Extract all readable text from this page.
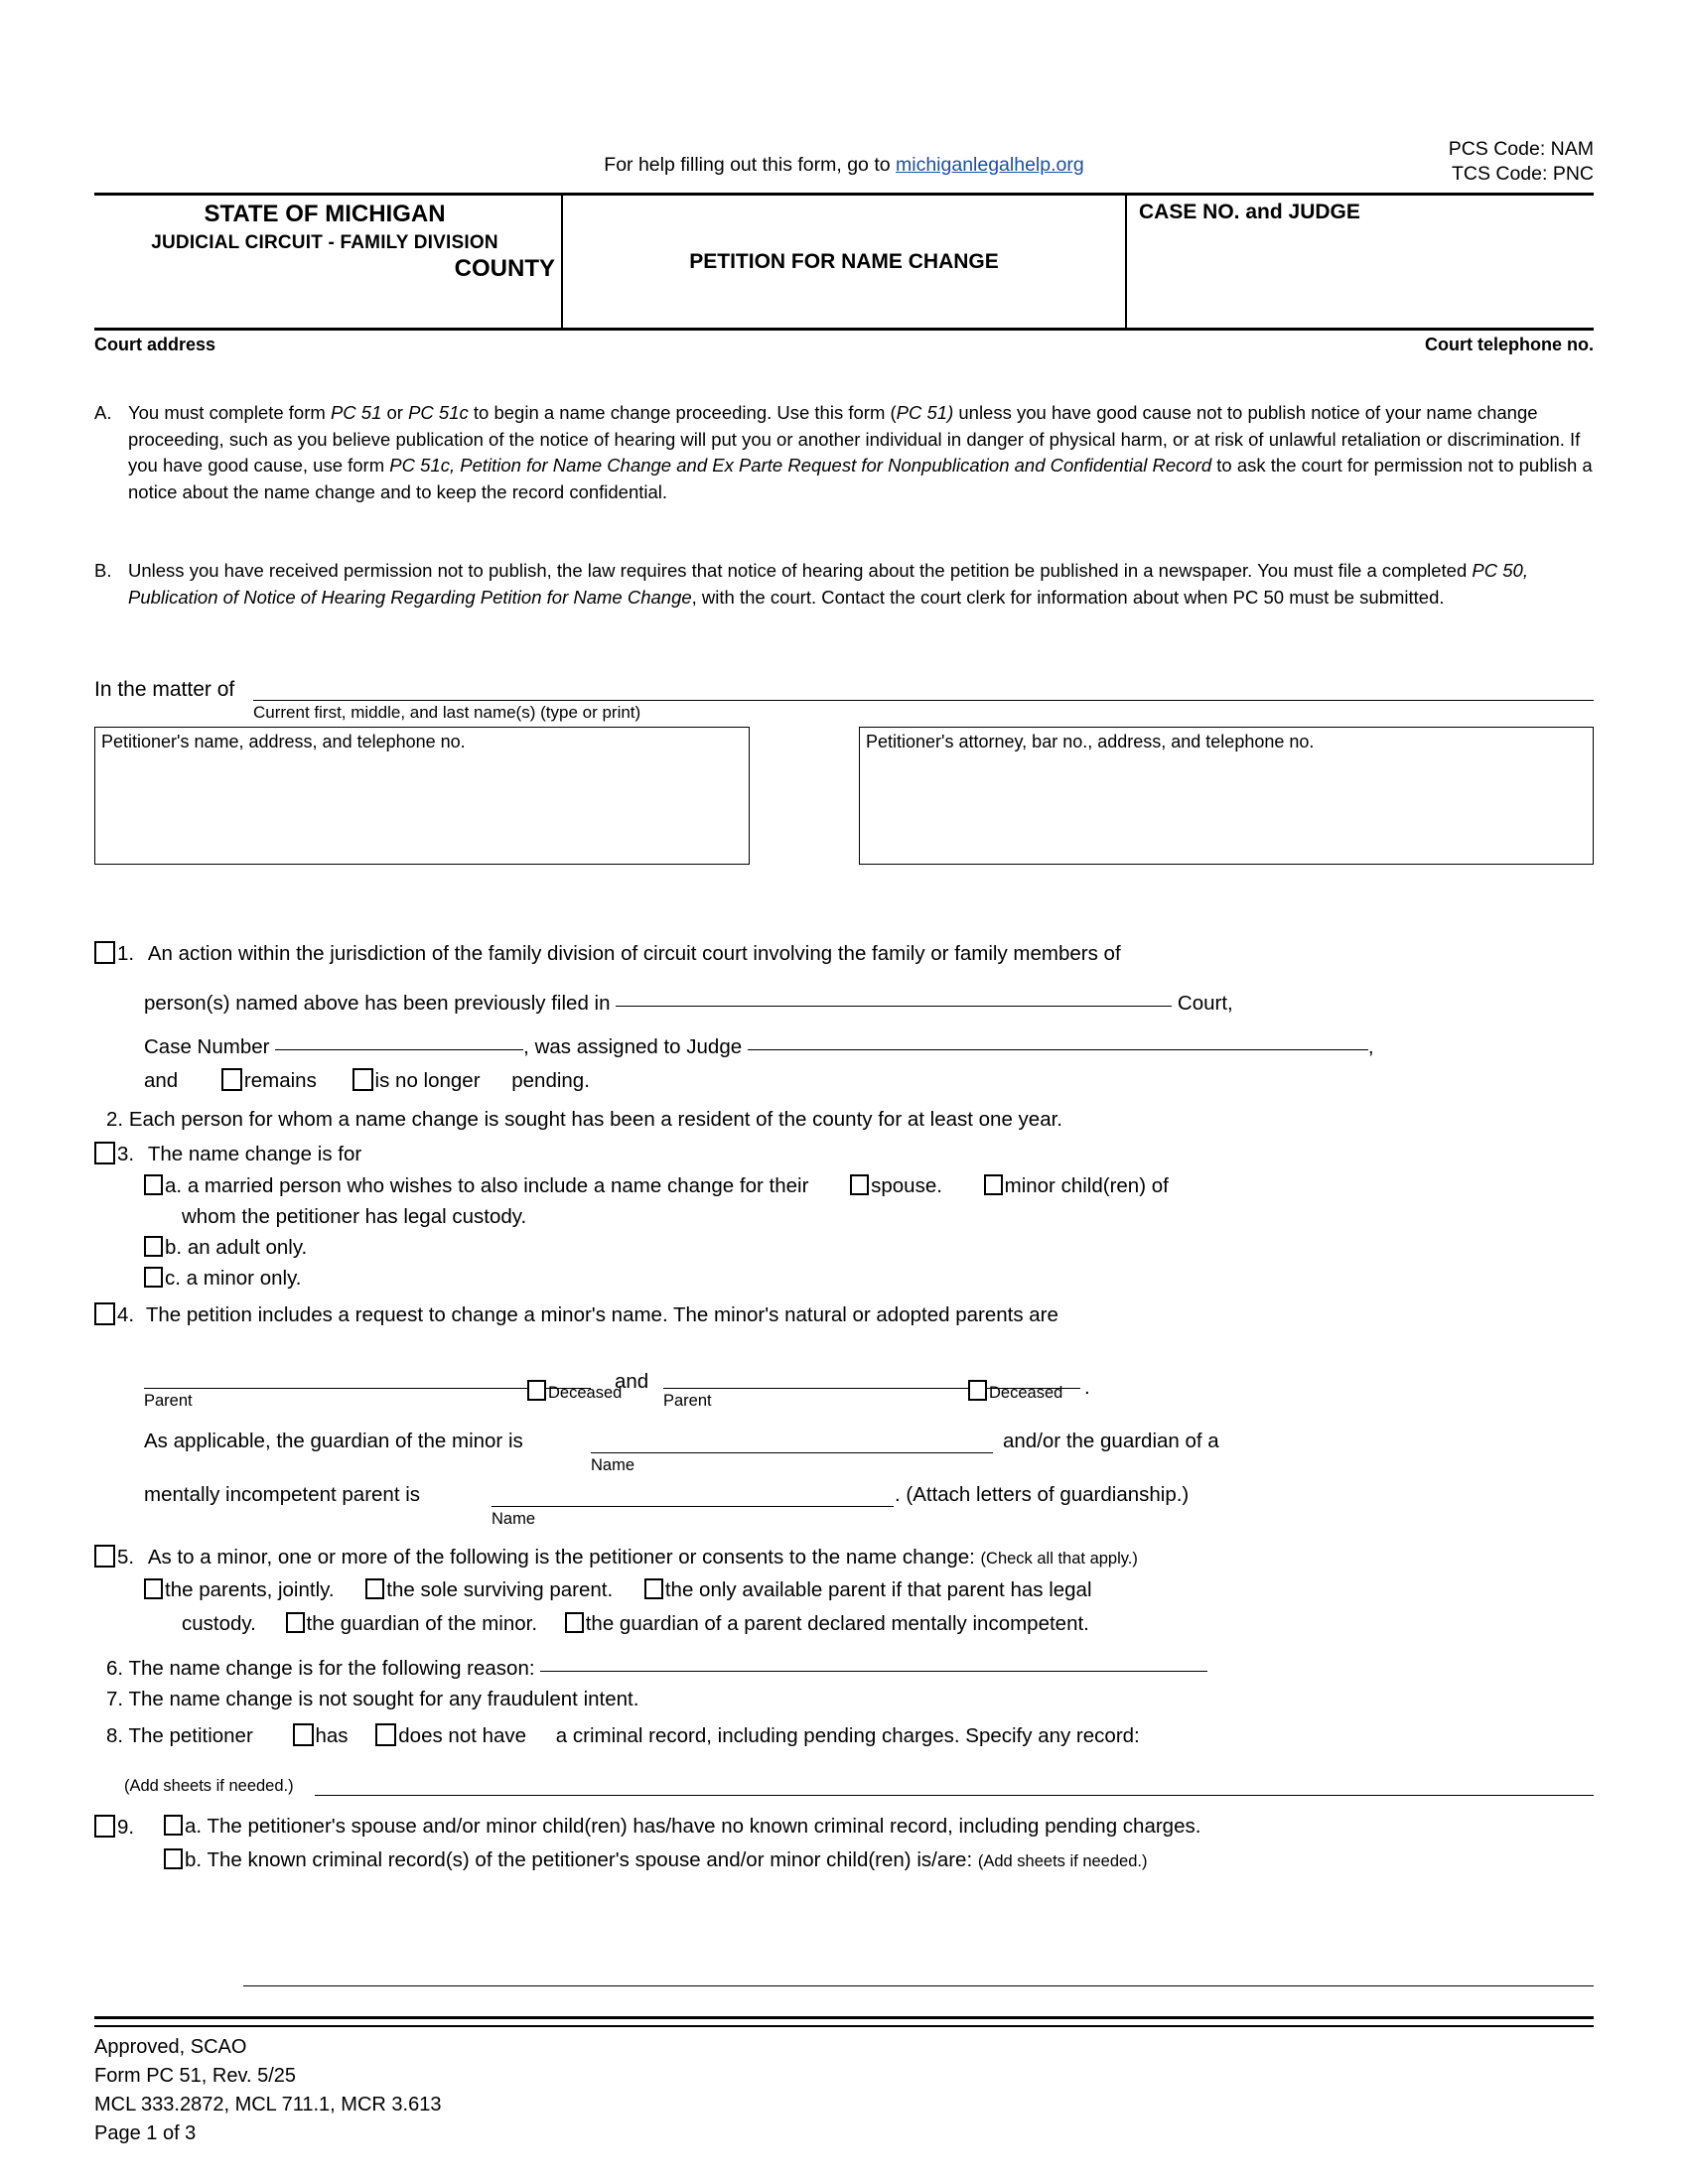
For help filling out this form, go to michiganlegalhelp.org
PCS Code: NAM
TCS Code: PNC
STATE OF MICHIGAN
JUDICIAL CIRCUIT - FAMILY DIVISION
COUNTY	PETITION FOR NAME CHANGE
CASE NO. and JUDGE
Court address	Court telephone no.
A. You must complete form PC 51 or PC 51c to begin a name change proceeding. Use this form (PC 51) unless you have good cause not to publish notice of your name change proceeding, such as you believe publication of the notice of hearing will put you or another individual in danger of physical harm, or at risk of unlawful retaliation or discrimination. If you have good cause, use form PC 51c, Petition for Name Change and Ex Parte Request for Nonpublication and Confidential Record to ask the court for permission not to publish a notice about the name change and to keep the record confidential.
B. Unless you have received permission not to publish, the law requires that notice of hearing about the petition be published in a newspaper. You must file a completed PC 50, Publication of Notice of Hearing Regarding Petition for Name Change, with the court. Contact the court clerk for information about when PC 50 must be submitted.
In the matter of
Current first, middle, and last name(s) (type or print)
Petitioner's name, address, and telephone no.	Petitioner's attorney, bar no., address, and telephone no.
1. An action within the jurisdiction of the family division of circuit court involving the family or family members of
person(s) named above has been previously filed in	Court,
Case Number	, was assigned to Judge	,
and	remains	is no longer pending.
2. Each person for whom a name change is sought has been a resident of the county for at least one year.
3. The name change is for
a. a married person who wishes to also include a name change for their	spouse.	minor child(ren) of
whom the petitioner has legal custody.
b. an adult only.
c. a minor only.
4. The petition includes a request to change a minor's name. The minor's natural or adopted parents are
Parent	Deceased
and	.
Parent	Deceased
As applicable, the guardian of the minor is
Name
and/or the guardian of a
mentally incompetent parent is
Name
. (Attach letters of guardianship.)
5. As to a minor, one or more of the following is the petitioner or consents to the name change: (Check all that apply.)
the parents, jointly.	the sole surviving parent.	the only available parent if that parent has legal
custody. the guardian of the minor. the guardian of a parent declared mentally incompetent.
6. The name change is for the following reason:
7. The name change is not sought for any fraudulent intent.
8. The petitioner	has does not have a criminal record, including pending charges. Specify any record:
(Add sheets if needed.)
9.	a. The petitioner's spouse and/or minor child(ren) has/have no known criminal record, including pending charges.
b. The known criminal record(s) of the petitioner's spouse and/or minor child(ren) is/are: (Add sheets if needed.)
Approved, SCAO
Form PC 51, Rev. 5/25
MCL 333.2872, MCL 711.1, MCR 3.613
Page 1 of 3
